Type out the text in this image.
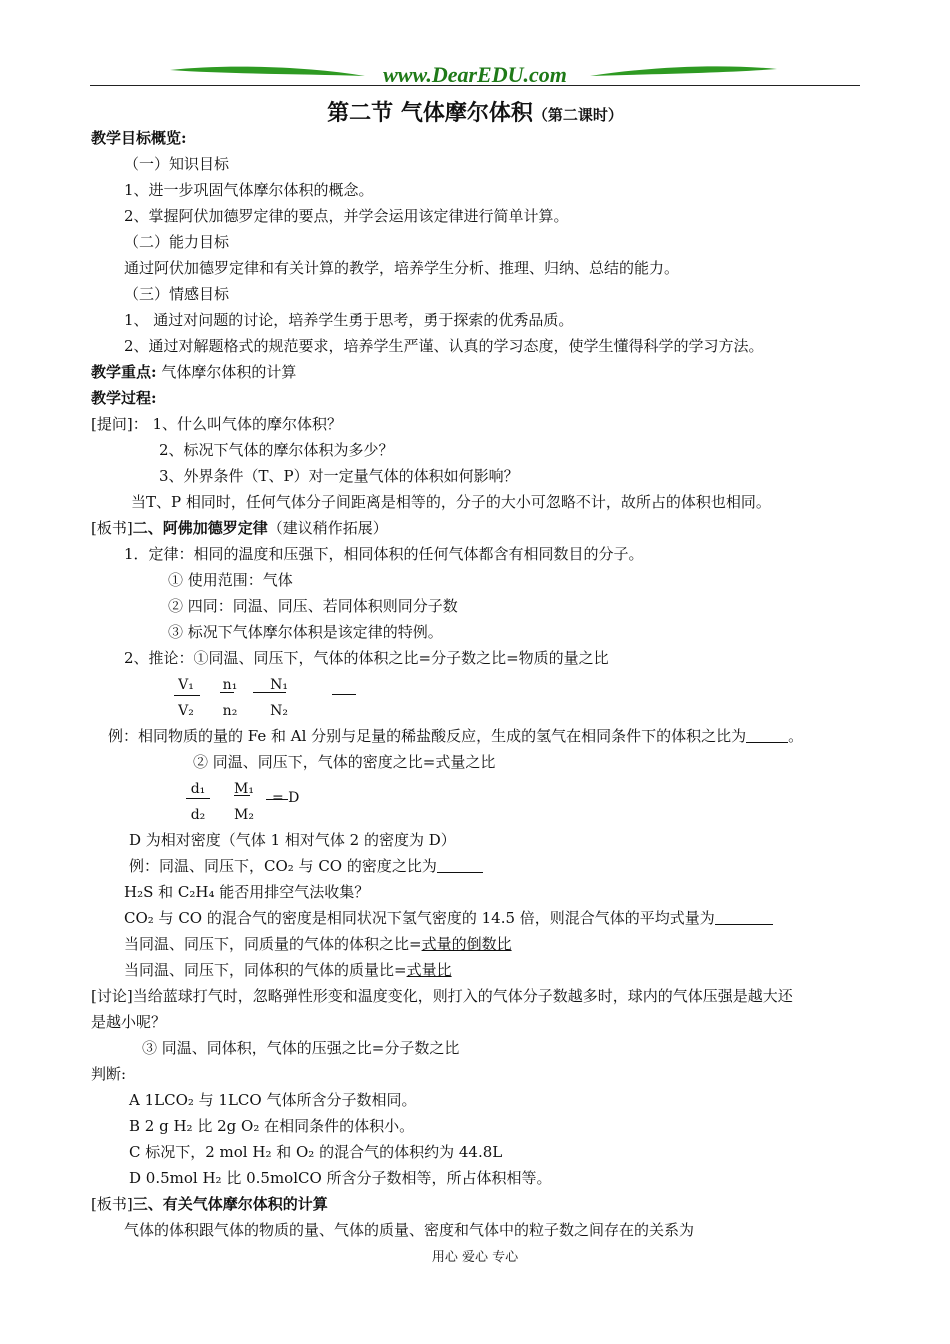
www.DearEDU.com
第二节 气体摩尔体积（第二课时）
教学目标概览:
（一）知识目标
1、进一步巩固气体摩尔体积的概念。
2、掌握阿伏加德罗定律的要点，并学会运用该定律进行简单计算。
（二）能力目标
通过阿伏加德罗定律和有关计算的教学，培养学生分析、推理、归纳、总结的能力。
（三）情感目标
1、 通过对问题的讨论，培养学生勇于思考，勇于探索的优秀品质。
2、通过对解题格式的规范要求，培养学生严谨、认真的学习态度，使学生懂得科学的学习方法。
教学重点: 气体摩尔体积的计算
教学过程:
[提问]： 1、什么叫气体的摩尔体积？
2、标况下气体的摩尔体积为多少？
3、外界条件（T、P）对一定量气体的体积如何影响？
当T、P 相同时，任何气体分子间距离是相等的，分子的大小可忽略不计，故所占的体积也相同。
[板书]二、阿佛加德罗定律（建议稍作拓展）
1．定律：相同的温度和压强下，相同体积的任何气体都含有相同数目的分子。
① 使用范围：气体
② 四同：同温、同压、若同体积则同分子数
③ 标况下气体摩尔体积是该定律的特例。
2、推论：①同温、同压下，气体的体积之比=分子数之比=物质的量之比
V₁
V₂
n₁
n₂
N₁
N₂
例：相同物质的量的 Fe 和 Al 分别与足量的稀盐酸反应，生成的氢气在相同条件下的体积之比为	。
② 同温、同压下，气体的密度之比=式量之比
d₁
d₂
M₁
M₂
= D
D 为相对密度（气体 1 相对气体 2 的密度为 D）
例：同温、同压下，CO₂ 与 CO 的密度之比为
H₂S 和 C₂H₄ 能否用排空气法收集？
CO₂ 与 CO 的混合气的密度是相同状况下氢气密度的 14.5 倍，则混合气体的平均式量为
当同温、同压下，同质量的气体的体积之比=式量的倒数比
当同温、同压下，同体积的气体的质量比=式量比
[讨论]当给蓝球打气时，忽略弹性形变和温度变化，则打入的气体分子数越多时，球内的气体压强是越大还
是越小呢？
③ 同温、同体积，气体的压强之比=分子数之比
判断:
A 1LCO₂ 与 1LCO 气体所含分子数相同。
B 2 g H₂ 比 2g O₂ 在相同条件的体积小。
C 标况下，2 mol H₂ 和 O₂ 的混合气的体积约为 44.8L
D 0.5mol H₂ 比 0.5molCO 所含分子数相等，所占体积相等。
[板书]三、有关气体摩尔体积的计算
气体的体积跟气体的物质的量、气体的质量、密度和气体中的粒子数之间存在的关系为
用心 爱心 专心
